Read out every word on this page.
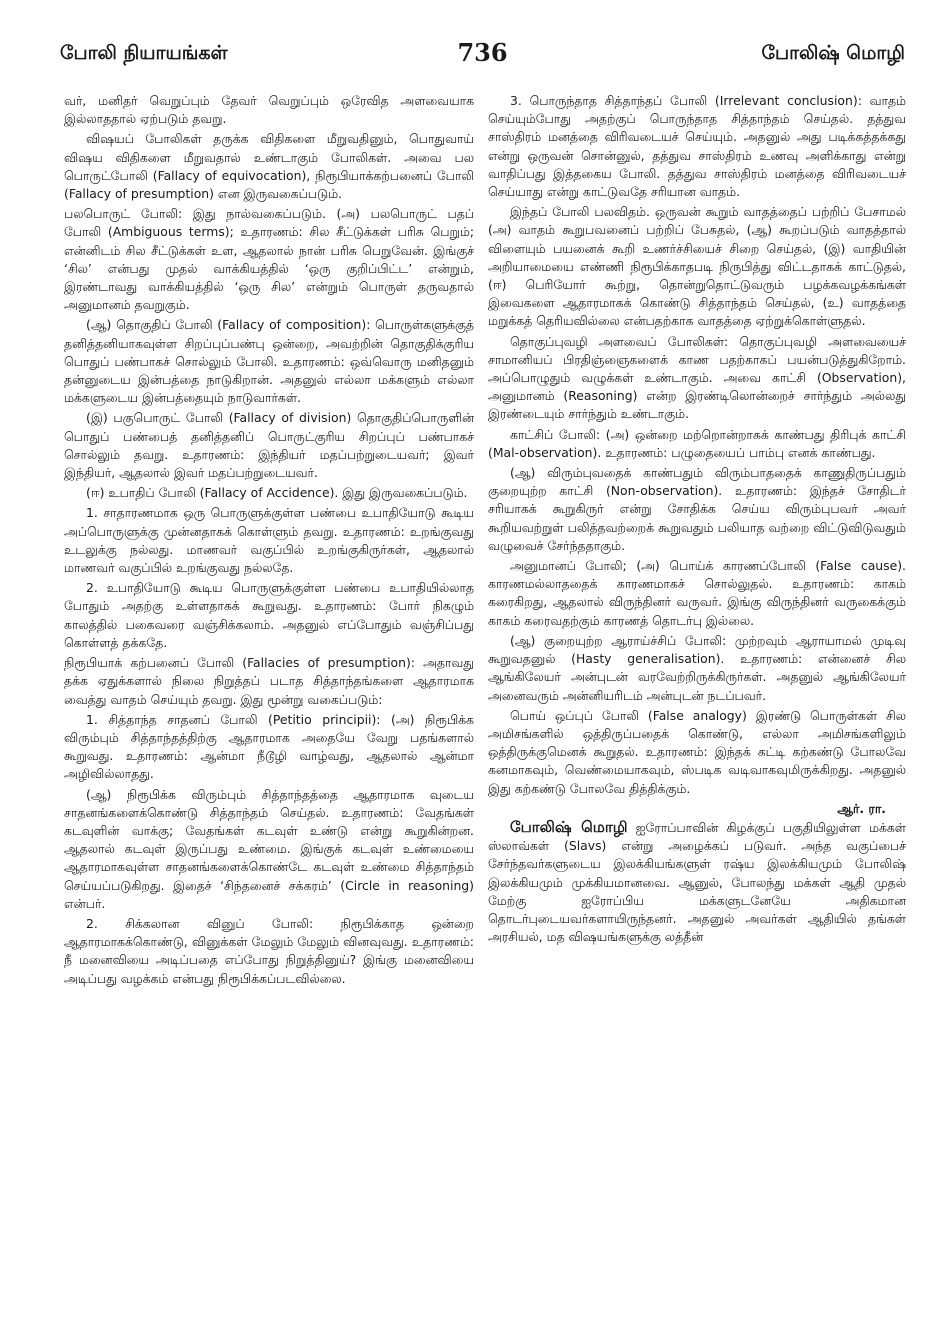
போலி நியாயங்கள்	736	போலிஷ் மொழி

வர், மனிதர் வெறுப்பும் தேவர் வெறுப்பும் ஒரேவித அளவையாக இல்லாததால் ஏற்படும் தவறு.

விஷயப் போலிகள் தருக்க விதிகளை மீறுவதினும், பொதுவாய் விஷய விதிகளை மீறுவதால் உண்டாகும் போலிகள். அவை பல பொருட்போலி (Fallacy of equivocation), நிரூபியாக்கற்பனைப் போலி (Fallacy of presumption) என இருவகைப்படும்.

பலபொருட் போலி: இது நால்வகைப்படும். (அ) பலபொருட் பதப் போலி (Ambiguous terms); உதாரணம்: சில சீட்டுக்கள் பரிசு பெறும்; என்னிடம் சில சீட்டுக்கள் உள, ஆதலால் நான் பரிசு பெறுவேன். இங்குச் ‘சில’ என்பது முதல் வாக்கியத்தில் ‘ஒரு குறிப்பிட்ட’ என்றும், இரண்டாவது வாக்கியத்தில் ‘ஒரு சில’ என்றும் பொருள் தருவதால் அனுமானம் தவறுகும்.

(ஆ) தொகுதிப் போலி (Fallacy of composition): பொருள்களுக்குத் தனித்தனியாகவுள்ள சிறப்புப்பண்பு ஒன்றை, அவற்றின் தொகுதிக்குரிய பொதுப் பண்பாகச் சொல்லும் போலி. உதாரணம்: ஒவ்வொரு மனிதனும் தன்னுடைய இன்பத்தை நாடுகிறான். அதனுல் எல்லா மக்களும் எல்லா மக்களுடைய இன்பத்தையும் நாடுவார்கள்.

(இ) பகுபொருட் போலி (Fallacy of division) தொகுதிப்பொருளின் பொதுப் பண்பைத் தனித்தனிப் பொருட்குரிய சிறப்புப் பண்பாகச் சொல்லும் தவறு. உதாரணம்: இந்தியர் மதப்பற்றுடையவர்; இவர் இந்தியர், ஆதலால் இவர் மதப்பற்றுடையவர்.

(ஈ) உபாதிப் போலி (Fallacy of Accidence). இது இருவகைப்படும்.

1. சாதாரணமாக ஒரு பொருளுக்குள்ள பண்பை உபாதியோடு கூடிய அப்பொருளுக்கு முன்னதாகக் கொள்ளும் தவறு. உதாரணம்: உறங்குவது உடலுக்கு நல்லது. மாணவர் வகுப்பில் உறங்குகிருர்கள், ஆதலால் மாணவர் வகுப்பில் உறங்குவது நல்லதே.

2. உபாதியோடு கூடிய பொருளுக்குள்ள பண்பை உபாதியில்லாத போதும் அதற்கு உள்ளதாகக் கூறுவது. உதாரணம்: போர் நிகழும் காலத்தில் பகைவரை வஞ்சிக்கலாம். அதனுல் எப்போதும் வஞ்சிப்பது கொள்ளத் தக்கதே.

நிரூபியாக் கற்பனைப் போலி (Fallacies of presumption): அதாவது தக்க ஏதுக்களால் நிலை நிறுத்தப் படாத சித்தாந்தங்களை ஆதாரமாக வைத்து வாதம் செய்யும் தவறு. இது மூன்று வகைப்படும்:

1. சித்தாந்த சாதனப் போலி (Petitio principii): (அ) நிரூபிக்க விரும்பும் சித்தாந்தத்திற்கு ஆதாரமாக அதையே வேறு பதங்களால் கூறுவது. உதாரணம்: ஆன்மா நீடூழி வாழ்வது, ஆதலால் ஆன்மா அழிவில்லாதது.

(ஆ) நிரூபிக்க விரும்பும் சித்தாந்தத்தை ஆதாரமாக வுடைய சாதனங்களைக்கொண்டு சித்தாந்தம் செய்தல். உதாரணம்: வேதங்கள் கடவுளின் வாக்கு; வேதங்கள் கடவுள் உண்டு என்று கூறுகின்றன. ஆதலால் கடவுள் இருப்பது உண்மை. இங்குக் கடவுள் உண்மையை ஆதாரமாகவுள்ள சாதனங்களைக்கொண்டே கடவுள் உண்மை சித்தாந்தம் செய்யப்படுகிறது. இதைச் ‘சிந்தனைச் சக்கரம்’ (Circle in reasoning) என்பர்.

2. சிக்கலான வினுப் போலி: நிரூபிக்காத ஒன்றை ஆதாரமாகக்கொண்டு, வினுக்கள் மேலும் மேலும் வினவுவது. உதாரணம்: நீ மனைவியை அடிப்பதை எப்போது நிறுத்தினுய்? இங்கு மனைவியை அடிப்பது வழக்கம் என்பது நிரூபிக்கப்படவில்லை.

3. பொருந்தாத சித்தாந்தப் போலி (Irrelevant conclusion): வாதம் செய்யும்போது அதற்குப் பொருந்தாத சித்தாந்தம் செய்தல். தத்துவ சாஸ்திரம் மனத்தை விரிவடையச் செய்யும். அதனுல் அது படிக்கத்தக்கது என்று ஒருவன் சொன்னுல், தத்துவ சாஸ்திரம் உணவு அளிக்காது என்று வாதிப்பது இத்தகைய போலி. தத்துவ சாஸ்திரம் மனத்தை விரிவடையச் செய்யாது என்று காட்டுவதே சரியான வாதம்.

இந்தப் போலி பலவிதம். ஒருவன் கூறும் வாதத்தைப் பற்றிப் பேசாமல் (அ) வாதம் கூறுபவனைப் பற்றிப் பேசுதல், (ஆ) கூறப்படும் வாதத்தால் விளையும் பயனைக் கூறி உணர்ச்சியைச் சிறை செய்தல், (இ) வாதியின் அறியாமையை எண்ணி நிரூபிக்காதபடி நிருபித்து விட்டதாகக் காட்டுதல், (ஈ) பெரியோர் கூற்று, தொன்றுதொட்டுவரும் பழக்கவழக்கங்கள் இவைகளை ஆதாரமாகக் கொண்டு சித்தாந்தம் செய்தல், (உ) வாதத்தை மறுக்கத் தெரியவில்லை என்பதற்காக வாதத்தை ஏற்றுக்கொள்ளுதல்.

தொகுப்புவழி அளவைப் போலிகள்: தொகுப்புவழி அளவையைச் சாமானியப் பிரதிஞ்ஞைகளைக் காண பதற்காகப் பயன்படுத்துகிறோம். அப்பொழுதும் வழுக்கள் உண்டாகும். அவை காட்சி (Observation), அனுமானம் (Reasoning) என்ற இரண்டிலொன்றைச் சார்ந்தும் அல்லது இரண்டையும் சார்ந்தும் உண்டாகும்.

காட்சிப் போலி: (அ) ஒன்றை மற்றொன்றாகக் காண்பது திரிபுக் காட்சி (Mal-observation). உதாரணம்: பழுதையைப் பாம்பு எனக் காண்பது.

(ஆ) விரும்புவதைக் காண்பதும் விரும்பாததைக் காணுதிருப்பதும் குறையுற்ற காட்சி (Non-observation). உதாரணம்: இந்தச் சோதிடர் சரியாகக் கூறுகிருர் என்று சோதிக்க செய்ய விரும்புபவர் அவர் கூறியவற்றுள் பலித்தவற்றைக் கூறுவதும் பலியாத வற்றை விட்டுவிடுவதும் வழுவைச் சேர்ந்ததாகும்.

அனுமானப் போலி; (அ) பொய்க் காரணப்போலி (False cause). காரணமல்லாததைக் காரணமாகச் சொல்லுதல். உதாரணம்: காகம் கரைகிறது, ஆதலால் விருந்தினர் வருவர். இங்கு விருந்தினர் வருகைக்கும் காகம் கரைவதற்கும் காரணத் தொடர்பு இல்லை.

(ஆ) குறையுற்ற ஆராய்ச்சிப் போலி: முற்றவும் ஆராயாமல் முடிவு கூறுவதனுல் (Hasty generalisation). உதாரணம்: என்னைச் சில ஆங்கிலேயர் அன்புடன் வரவேற்றிருக்கிருர்கள். அதனுல் ஆங்கிலேயர் அனைவரும் அன்னியரிடம் அன்புடன் நடப்பவர்.

பொய் ஒப்புப் போலி (False analogy) இரண்டு பொருள்கள் சில அமிசங்களில் ஒத்திருப்பதைக் கொண்டு, எல்லா அமிசங்களிலும் ஒத்திருக்குமெனக் கூறுதல். உதாரணம்: இந்தக் கட்டி கற்கண்டு போலவே கனமாகவும், வெண்மையாகவும், ஸ்படிக வடிவாகவுமிருக்கிறது. அதனுல் இது கற்கண்டு போலவே தித்திக்கும்.

ஆர். ரா.

போலிஷ் மொழி ஐரோப்பாவின் கிழக்குப் பகுதியிலுள்ள மக்கள் ஸ்லாவ்கள் (Slavs) என்று அழைக்கப் படுவர். அந்த வகுப்பைச் சேர்ந்தவர்களுடைய இலக்கியங்களுள் ரஷ்ய இலக்கியமும் போலிஷ் இலக்கியமும் முக்கியமானவை. ஆனுல், போலந்து மக்கள் ஆதி முதல் மேற்கு ஐரோப்பிய மக்களுடனேயே அதிகமான தொடர்புடையவர்களாயிருந்தனர். அதனுல் அவர்கள் ஆதியில் தங்கள் அரசியல், மத விஷயங்களுக்கு லத்தீன்
